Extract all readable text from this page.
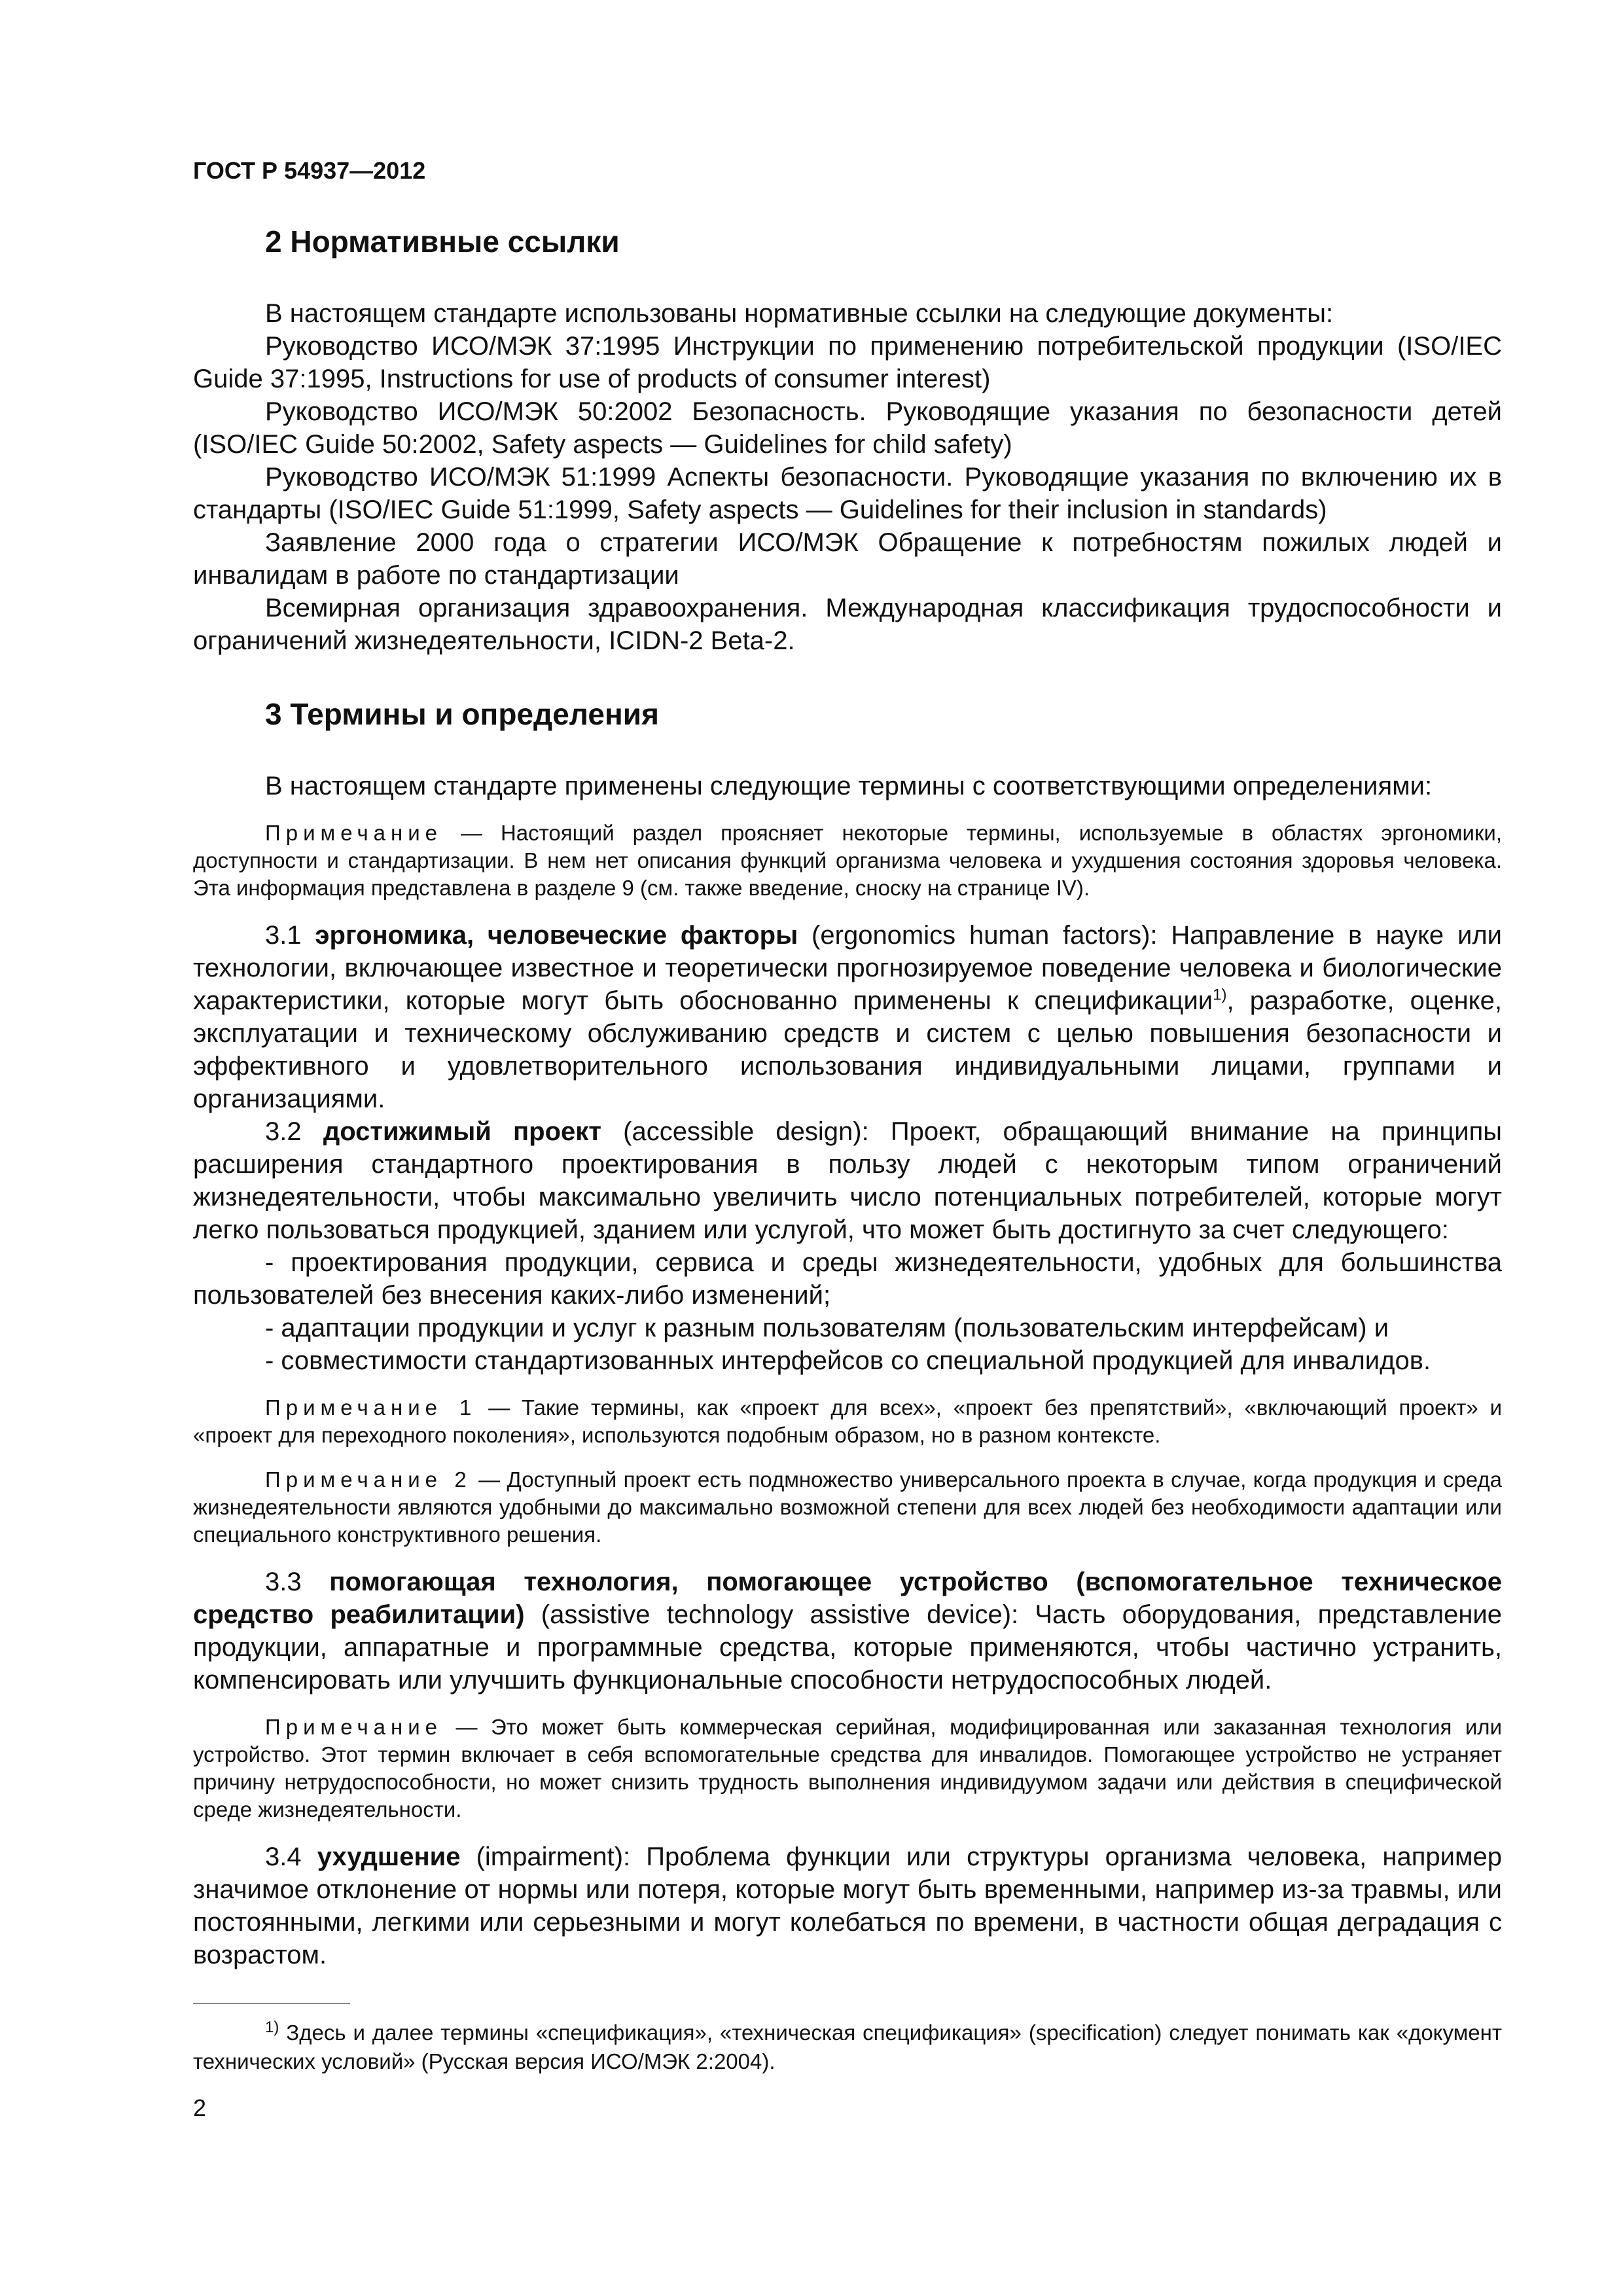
ГОСТ Р 54937—2012
2 Нормативные ссылки

В настоящем стандарте использованы нормативные ссылки на следующие документы:

Руководство ИСО/МЭК 37:1995 Инструкции по применению потребительской продукции (ISO/IEC Guide 37:1995, Instructions for use of products of consumer interest)

Руководство ИСО/МЭК 50:2002 Безопасность. Руководящие указания по безопасности детей (ISO/IEC Guide 50:2002, Safety aspects — Guidelines for child safety)

Руководство ИСО/МЭК 51:1999 Аспекты безопасности. Руководящие указания по включению их в стандарты (ISO/IEC Guide 51:1999, Safety aspects — Guidelines for their inclusion in standards)

Заявление 2000 года о стратегии ИСО/МЭК Обращение к потребностям пожилых людей и инвалидам в работе по стандартизации

Всемирная организация здравоохранения. Международная классификация трудоспособности и ограничений жизнедеятельности, ICIDN-2 Beta-2.

3 Термины и определения

В настоящем стандарте применены следующие термины с соответствующими определениями:

Примечание — Настоящий раздел проясняет некоторые термины, используемые в областях эргономики, доступности и стандартизации. В нем нет описания функций организма человека и ухудшения состояния здоровья человека. Эта информация представлена в разделе 9 (см. также введение, сноску на странице IV).

3.1 эргономика, человеческие факторы (ergonomics human factors): Направление в науке или технологии, включающее известное и теоретически прогнозируемое поведение человека и биологические характеристики, которые могут быть обоснованно применены к спецификации$^{1)}$, разработке, оценке, эксплуатации и техническому обслуживанию средств и систем с целью повышения безопасности и эффективного и удовлетворительного использования индивидуальными лицами, группами и организациями.

3.2 достижимый проект (accessible design): Проект, обращающий внимание на принципы расширения стандартного проектирования в пользу людей с некоторым типом ограничений жизнедеятельности, чтобы максимально увеличить число потенциальных потребителей, которые могут легко пользоваться продукцией, зданием или услугой, что может быть достигнуто за счет следующего:

- проектирования продукции, сервиса и среды жизнедеятельности, удобных для большинства пользователей без внесения каких-либо изменений;

- адаптации продукции и услуг к разным пользователям (пользовательским интерфейсам) и

- совместимости стандартизованных интерфейсов со специальной продукцией для инвалидов.

Примечание 1 — Такие термины, как «проект для всех», «проект без препятствий», «включающий проект» и «проект для переходного поколения», используются подобным образом, но в разном контексте.

Примечание 2 — Доступный проект есть подмножество универсального проекта в случае, когда продукция и среда жизнедеятельности являются удобными до максимально возможной степени для всех людей без необходимости адаптации или специального конструктивного решения.

3.3 помогающая технология, помогающее устройство (вспомогательное техническое средство реабилитации) (assistive technology assistive device): Часть оборудования, представление продукции, аппаратные и программные средства, которые применяются, чтобы частично устранить, компенсировать или улучшить функциональные способности нетрудоспособных людей.

Примечание — Это может быть коммерческая серийная, модифицированная или заказанная технология или устройство. Этот термин включает в себя вспомогательные средства для инвалидов. Помогающее устройство не устраняет причину нетрудоспособности, но может снизить трудность выполнения индивидуумом задачи или действия в специфической среде жизнедеятельности.

3.4 ухудшение (impairment): Проблема функции или структуры организма человека, например значимое отклонение от нормы или потеря, которые могут быть временными, например из-за травмы, или постоянными, легкими или серьезными и могут колебаться по времени, в частности общая деградация с возрастом.

$^{1)}$ Здесь и далее термины «спецификация», «техническая спецификация» (specification) следует понимать как «документ технических условий» (Русская версия ИСО/МЭК 2:2004).

2
